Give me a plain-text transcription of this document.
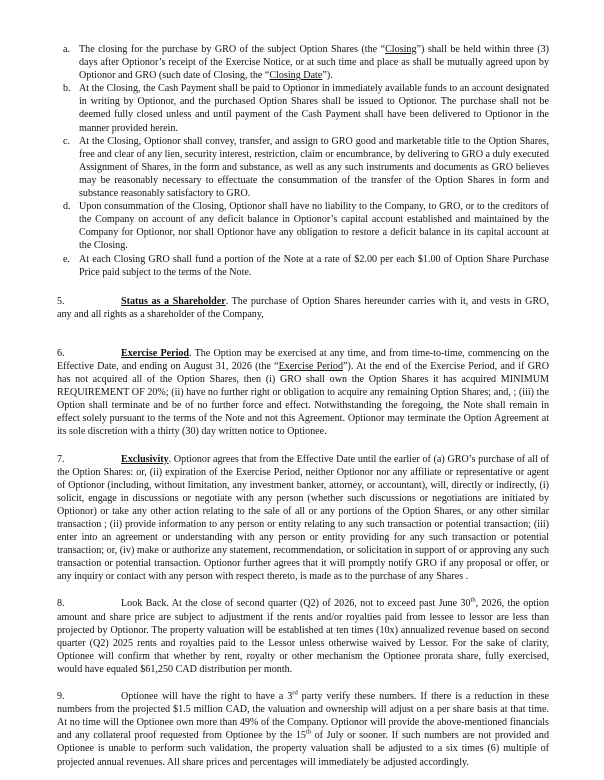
a. The closing for the purchase by GRO of the subject Option Shares (the “Closing”) shall be held within three (3) days after Optionor’s receipt of the Exercise Notice, or at such time and place as shall be mutually agreed upon by Optionor and GRO (such date of Closing, the “Closing Date”).
b. At the Closing, the Cash Payment shall be paid to Optionor in immediately available funds to an account designated in writing by Optionor, and the purchased Option Shares shall be issued to Optionor. The purchase shall not be deemed fully closed unless and until payment of the Cash Payment shall have been delivered to Optionor in the manner provided herein.
c. At the Closing, Optionor shall convey, transfer, and assign to GRO good and marketable title to the Option Shares, free and clear of any lien, security interest, restriction, claim or encumbrance, by delivering to GRO a duly executed Assignment of Shares, in the form and substance, as well as any such instruments and documents as GRO believes may be reasonably necessary to effectuate the consummation of the transfer of the Option Shares in form and substance reasonably satisfactory to GRO.
d. Upon consummation of the Closing, Optionor shall have no liability to the Company, to GRO, or to the creditors of the Company on account of any deficit balance in Optionor’s capital account established and maintained by the Company for Optionor, nor shall Optionor have any obligation to restore a deficit balance in its capital account at the Closing.
e. At each Closing GRO shall fund a portion of the Note at a rate of $2.00 per each $1.00 of Option Share Purchase Price paid subject to the terms of the Note.

5.	Status as a Shareholder. The purchase of Option Shares hereunder carries with it, and vests in GRO, any and all rights as a shareholder of the Company,

6.	Exercise Period. The Option may be exercised at any time, and from time-to-time, commencing on the Effective Date, and ending on August 31, 2026 (the “Exercise Period”). At the end of the Exercise Period, and if GRO has not acquired all of the Option Shares, then (i) GRO shall own the Option Shares it has acquired MINIMUM REQUIREMENT OF 20%; (ii) have no further right or obligation to acquire any remaining Option Shares; and, ; (iii) the Option shall terminate and be of no further force and effect. Notwithstanding the foregoing, the Note shall remain in effect solely pursuant to the terms of the Note and not this Agreement. Optionor may terminate the Option Agreement at its sole discretion with a thirty (30) day written notice to Optionee.

7.	Exclusivity. Optionor agrees that from the Effective Date until the earlier of (a) GRO’s purchase of all of the Option Shares: or, (ii) expiration of the Exercise Period, neither Optionor nor any affiliate or representative or agent of Optionor (including, without limitation, any investment banker, attorney, or accountant), will, directly or indirectly, (i) solicit, engage in discussions or negotiate with any person (whether such discussions or negotiations are initiated by Optionor) or take any other action relating to the sale of all or any portions of the Option Shares, or any other similar transaction ; (ii) provide information to any person or entity relating to any such transaction or potential transaction; (iii) enter into an agreement or understanding with any person or entity providing for any such transaction or potential transaction; or, (iv) make or authorize any statement, recommendation, or solicitation in support of or approving any such transaction or potential transaction. Optionor further agrees that it will promptly notify GRO if any proposal or offer, or any inquiry or contact with any person with respect thereto, is made as to the purchase of any Shares .

8.	Look Back. At the close of second quarter (Q2) of 2026, not to exceed past June 30th, 2026, the option amount and share price are subject to adjustment if the rents and/or royalties paid from lessee to lessor are less than projected by Optionor. The property valuation will be established at ten times (10x) annualized revenue based on second quarter (Q2) 2025 rents and royalties paid to the Lessor unless otherwise waived by Lessor. For the sake of clarity, Optionee will confirm that whether by rent, royalty or other mechanism the Optionee prorata share, fully exercised, would have equaled $61,250 CAD distribution per month.

9.	Optionee will have the right to have a 3rd party verify these numbers. If there is a reduction in these numbers from the projected $1.5 million CAD, the valuation and ownership will adjust on a per share basis at that time. At no time will the Optionee own more than 49% of the Company. Optionor will provide the above-mentioned financials and any collateral proof requested from Optionee by the 15th of July or sooner. If such numbers are not provided and Optionee is unable to perform such validation, the property valuation shall be adjusted to a six times (6) multiple of projected annual revenues. All share prices and percentages will immediately be adjusted accordingly.
